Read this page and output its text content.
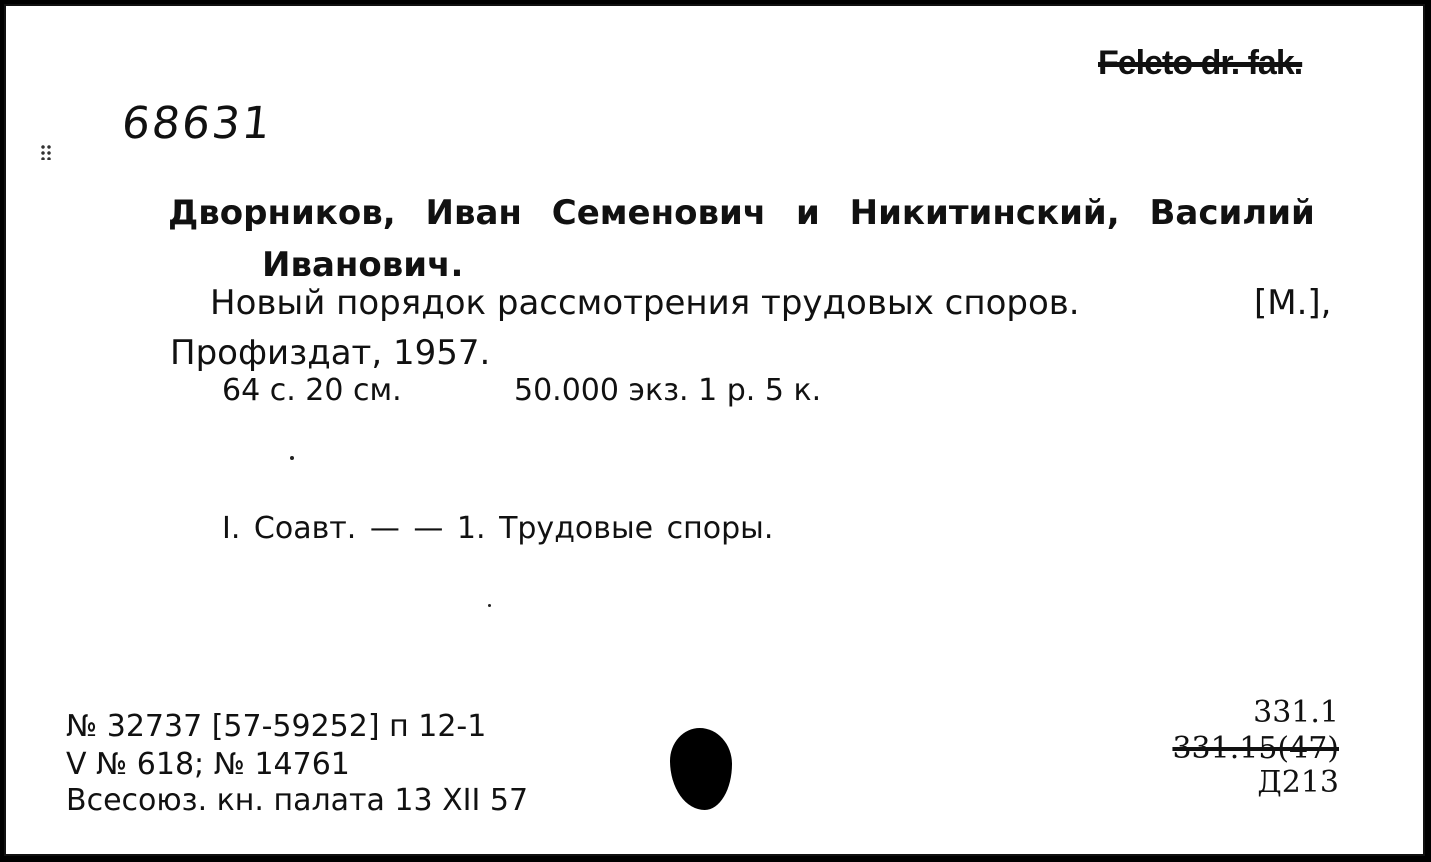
68631
Feleto dr. fak.
Дворников, Иван Семенович и Никитинский, Василий
Иванович.
Новый порядок рассмотрения трудовых споров.	[М.],
Профиздат, 1957.
64 с. 20 см.	50.000 экз. 1 р. 5 к.
I. Соавт. — — 1. Трудовые споры.
№ 32737 [57-59252] п 12-1
V № 618; № 14761
Всесоюз. кн. палата 13 XII 57
331.1
331.15(47)
Д213
